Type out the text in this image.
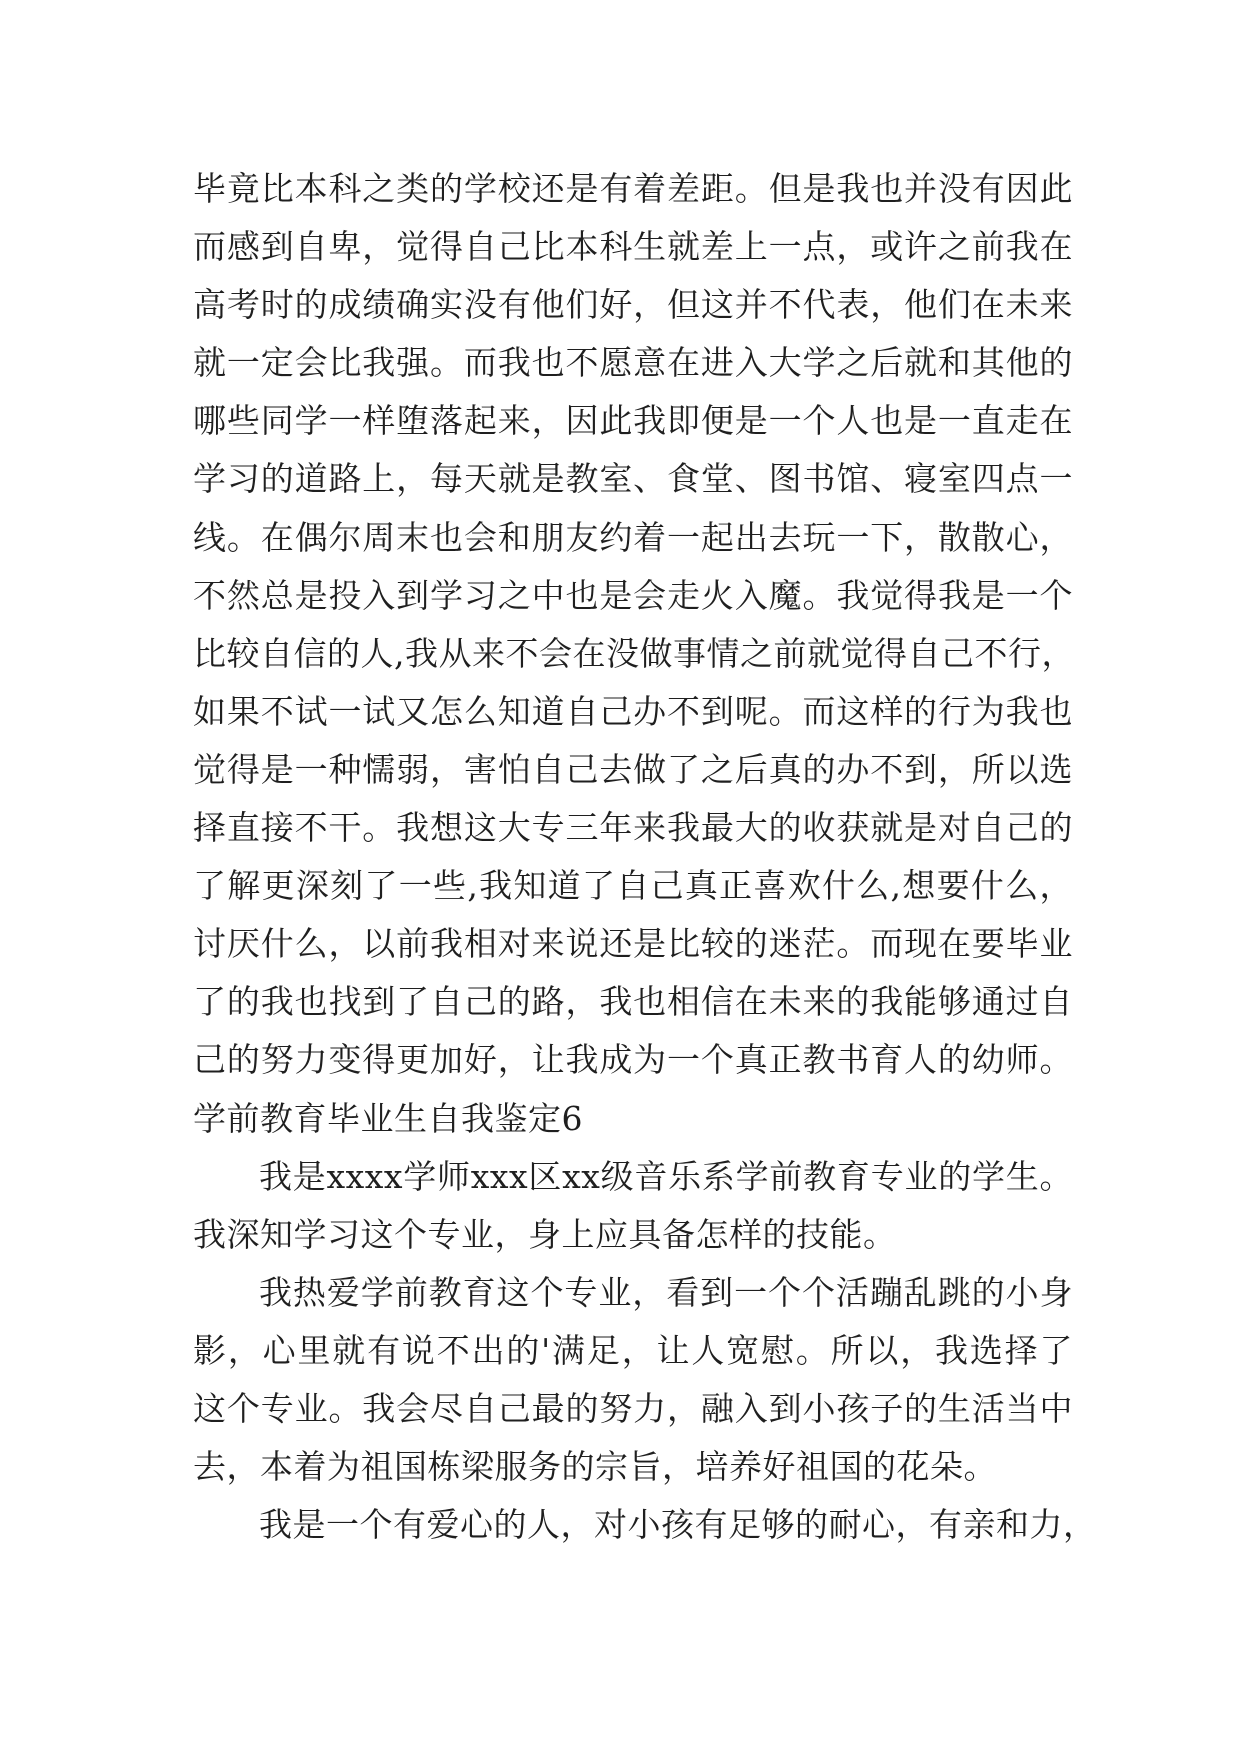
毕竟比本科之类的学校还是有着差距。但是我也并没有因此
而感到自卑，觉得自己比本科生就差上一点，或许之前我在
高考时的成绩确实没有他们好，但这并不代表，他们在未来
就一定会比我强。而我也不愿意在进入大学之后就和其他的
哪些同学一样堕落起来，因此我即便是一个人也是一直走在
学习的道路上，每天就是教室、食堂、图书馆、寝室四点一
线。在偶尔周末也会和朋友约着一起出去玩一下，散散心，
不然总是投入到学习之中也是会走火入魔。我觉得我是一个
比较自信的人,我从来不会在没做事情之前就觉得自己不行，
如果不试一试又怎么知道自己办不到呢。而这样的行为我也
觉得是一种懦弱，害怕自己去做了之后真的办不到，所以选
择直接不干。我想这大专三年来我最大的收获就是对自己的
了解更深刻了一些,我知道了自己真正喜欢什么,想要什么，
讨厌什么，以前我相对来说还是比较的迷茫。而现在要毕业
了的我也找到了自己的路，我也相信在未来的我能够通过自
己的努力变得更加好，让我成为一个真正教书育人的幼师。
学前教育毕业生自我鉴定6
我是xxxx学师xxx区xx级音乐系学前教育专业的学生。
我深知学习这个专业，身上应具备怎样的技能。
我热爱学前教育这个专业，看到一个个活蹦乱跳的小身
影，心里就有说不出的'满足，让人宽慰。所以，我选择了
这个专业。我会尽自己最的努力，融入到小孩子的生活当中
去，本着为祖国栋梁服务的宗旨，培养好祖国的花朵。
我是一个有爱心的人，对小孩有足够的耐心，有亲和力，
